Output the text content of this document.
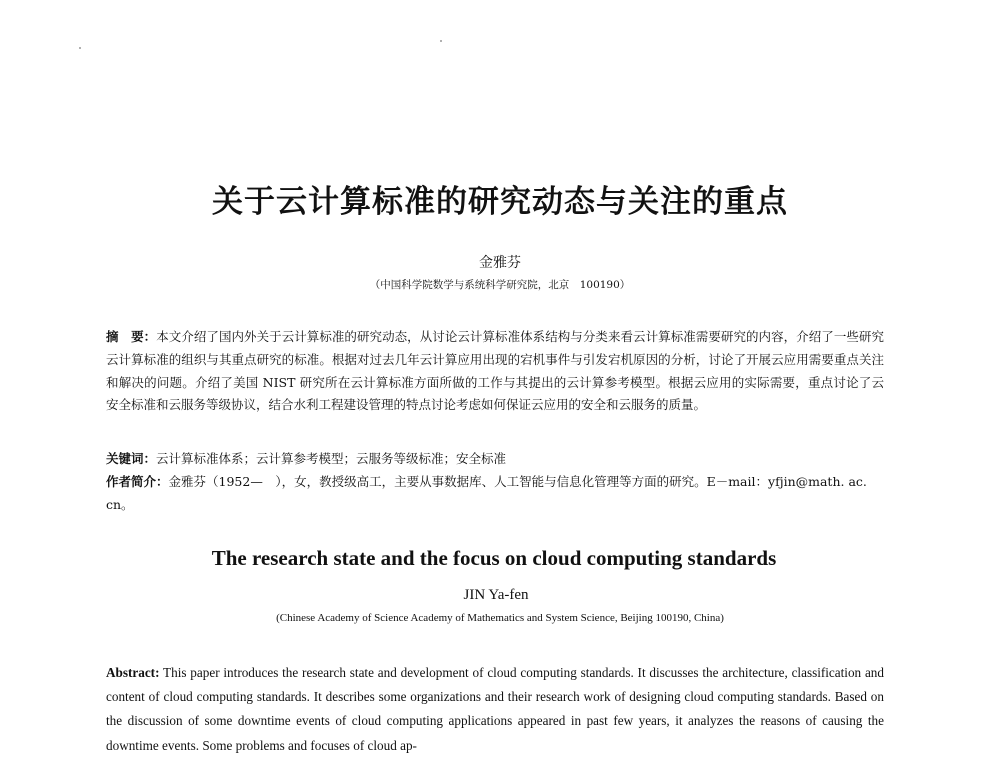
关于云计算标准的研究动态与关注的重点
金雅芬
（中国科学院数学与系统科学研究院，北京　100190）

摘　要：本文介绍了国内外关于云计算标准的研究动态，从讨论云计算标准体系结构与分类来看云计算标准需要研究的内容，介绍了一些研究云计算标准的组织与其重点研究的标准。根据对过去几年云计算应用出现的宕机事件与引发宕机原因的分析，讨论了开展云应用需要重点关注和解决的问题。介绍了美国 NIST 研究所在云计算标准方面所做的工作与其提出的云计算参考模型。根据云应用的实际需要，重点讨论了云安全标准和云服务等级协议，结合水利工程建设管理的特点讨论考虑如何保证云应用的安全和云服务的质量。

关键词：云计算标准体系；云计算参考模型；云服务等级标准；安全标准
作者简介：金雅芬（1952—　），女，教授级高工，主要从事数据库、人工智能与信息化管理等方面的研究。E－mail：yfjin@math. ac. cn。
The research state and the focus on cloud computing standards
JIN Ya-fen
(Chinese Academy of Science Academy of Mathematics and System Science, Beijing 100190, China)
Abstract: This paper introduces the research state and development of cloud computing standards. It discusses the architecture, classification and content of cloud computing standards. It describes some organizations and their research work of designing cloud computing standards. Based on the discussion of some downtime events of cloud computing applications appeared in past few years, it analyzes the reasons of causing the downtime events. Some problems and focuses of cloud ap-
